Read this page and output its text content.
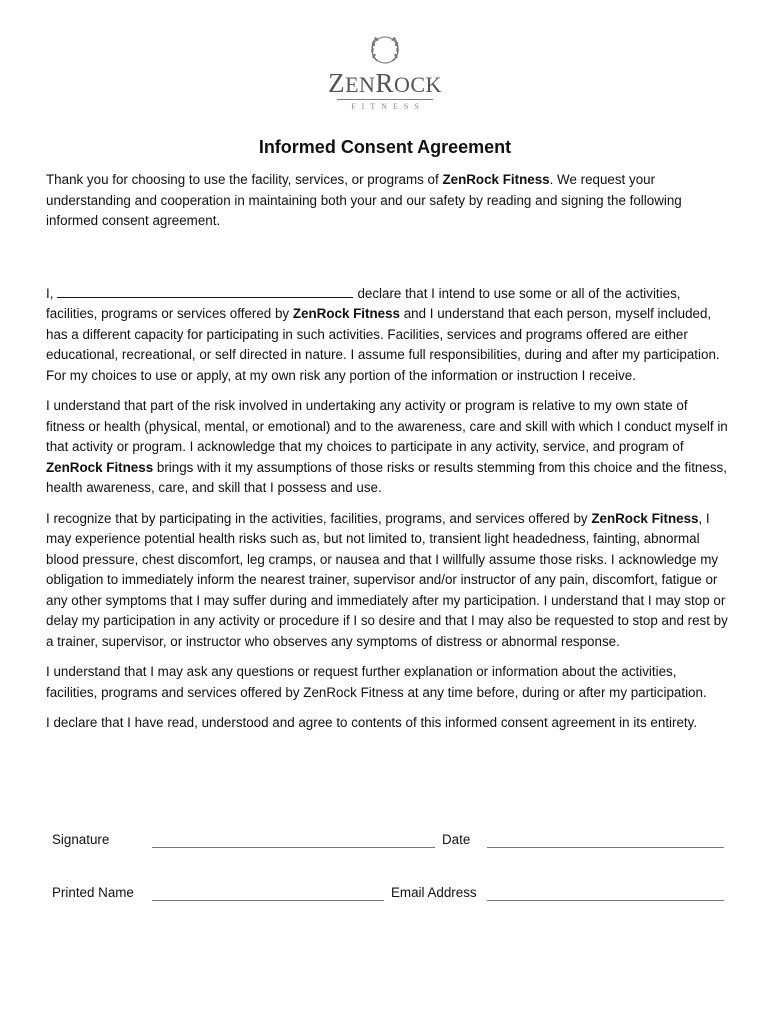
ZENROCK
FITNESS
Informed Consent Agreement

Thank you for choosing to use the facility, services, or programs of ZenRock Fitness. We request your understanding and cooperation in maintaining both your and our safety by reading and signing the following informed consent agreement.

I,	declare that I intend to use some or all of the activities, facilities, programs or services offered by ZenRock Fitness and I understand that each person, myself included, has a different capacity for participating in such activities. Facilities, services and programs offered are either educational, recreational, or self directed in nature. I assume full responsibilities, during and after my participation. For my choices to use or apply, at my own risk any portion of the information or instruction I receive.

I understand that part of the risk involved in undertaking any activity or program is relative to my own state of fitness or health (physical, mental, or emotional) and to the awareness, care and skill with which I conduct myself in that activity or program. I acknowledge that my choices to participate in any activity, service, and program of ZenRock Fitness brings with it my assumptions of those risks or results stemming from this choice and the fitness, health awareness, care, and skill that I possess and use.

I recognize that by participating in the activities, facilities, programs, and services offered by ZenRock Fitness, I may experience potential health risks such as, but not limited to, transient light headedness, fainting, abnormal blood pressure, chest discomfort, leg cramps, or nausea and that I willfully assume those risks. I acknowledge my obligation to immediately inform the nearest trainer, supervisor and/or instructor of any pain, discomfort, fatigue or any other symptoms that I may suffer during and immediately after my participation. I understand that I may stop or delay my participation in any activity or procedure if I so desire and that I may also be requested to stop and rest by a trainer, supervisor, or instructor who observes any symptoms of distress or abnormal response.

I understand that I may ask any questions or request further explanation or information about the activities, facilities, programs and services offered by ZenRock Fitness at any time before, during or after my participation.

I declare that I have read, understood and agree to contents of this informed consent agreement in its entirety.

Signature	Date
Printed Name	Email Address
